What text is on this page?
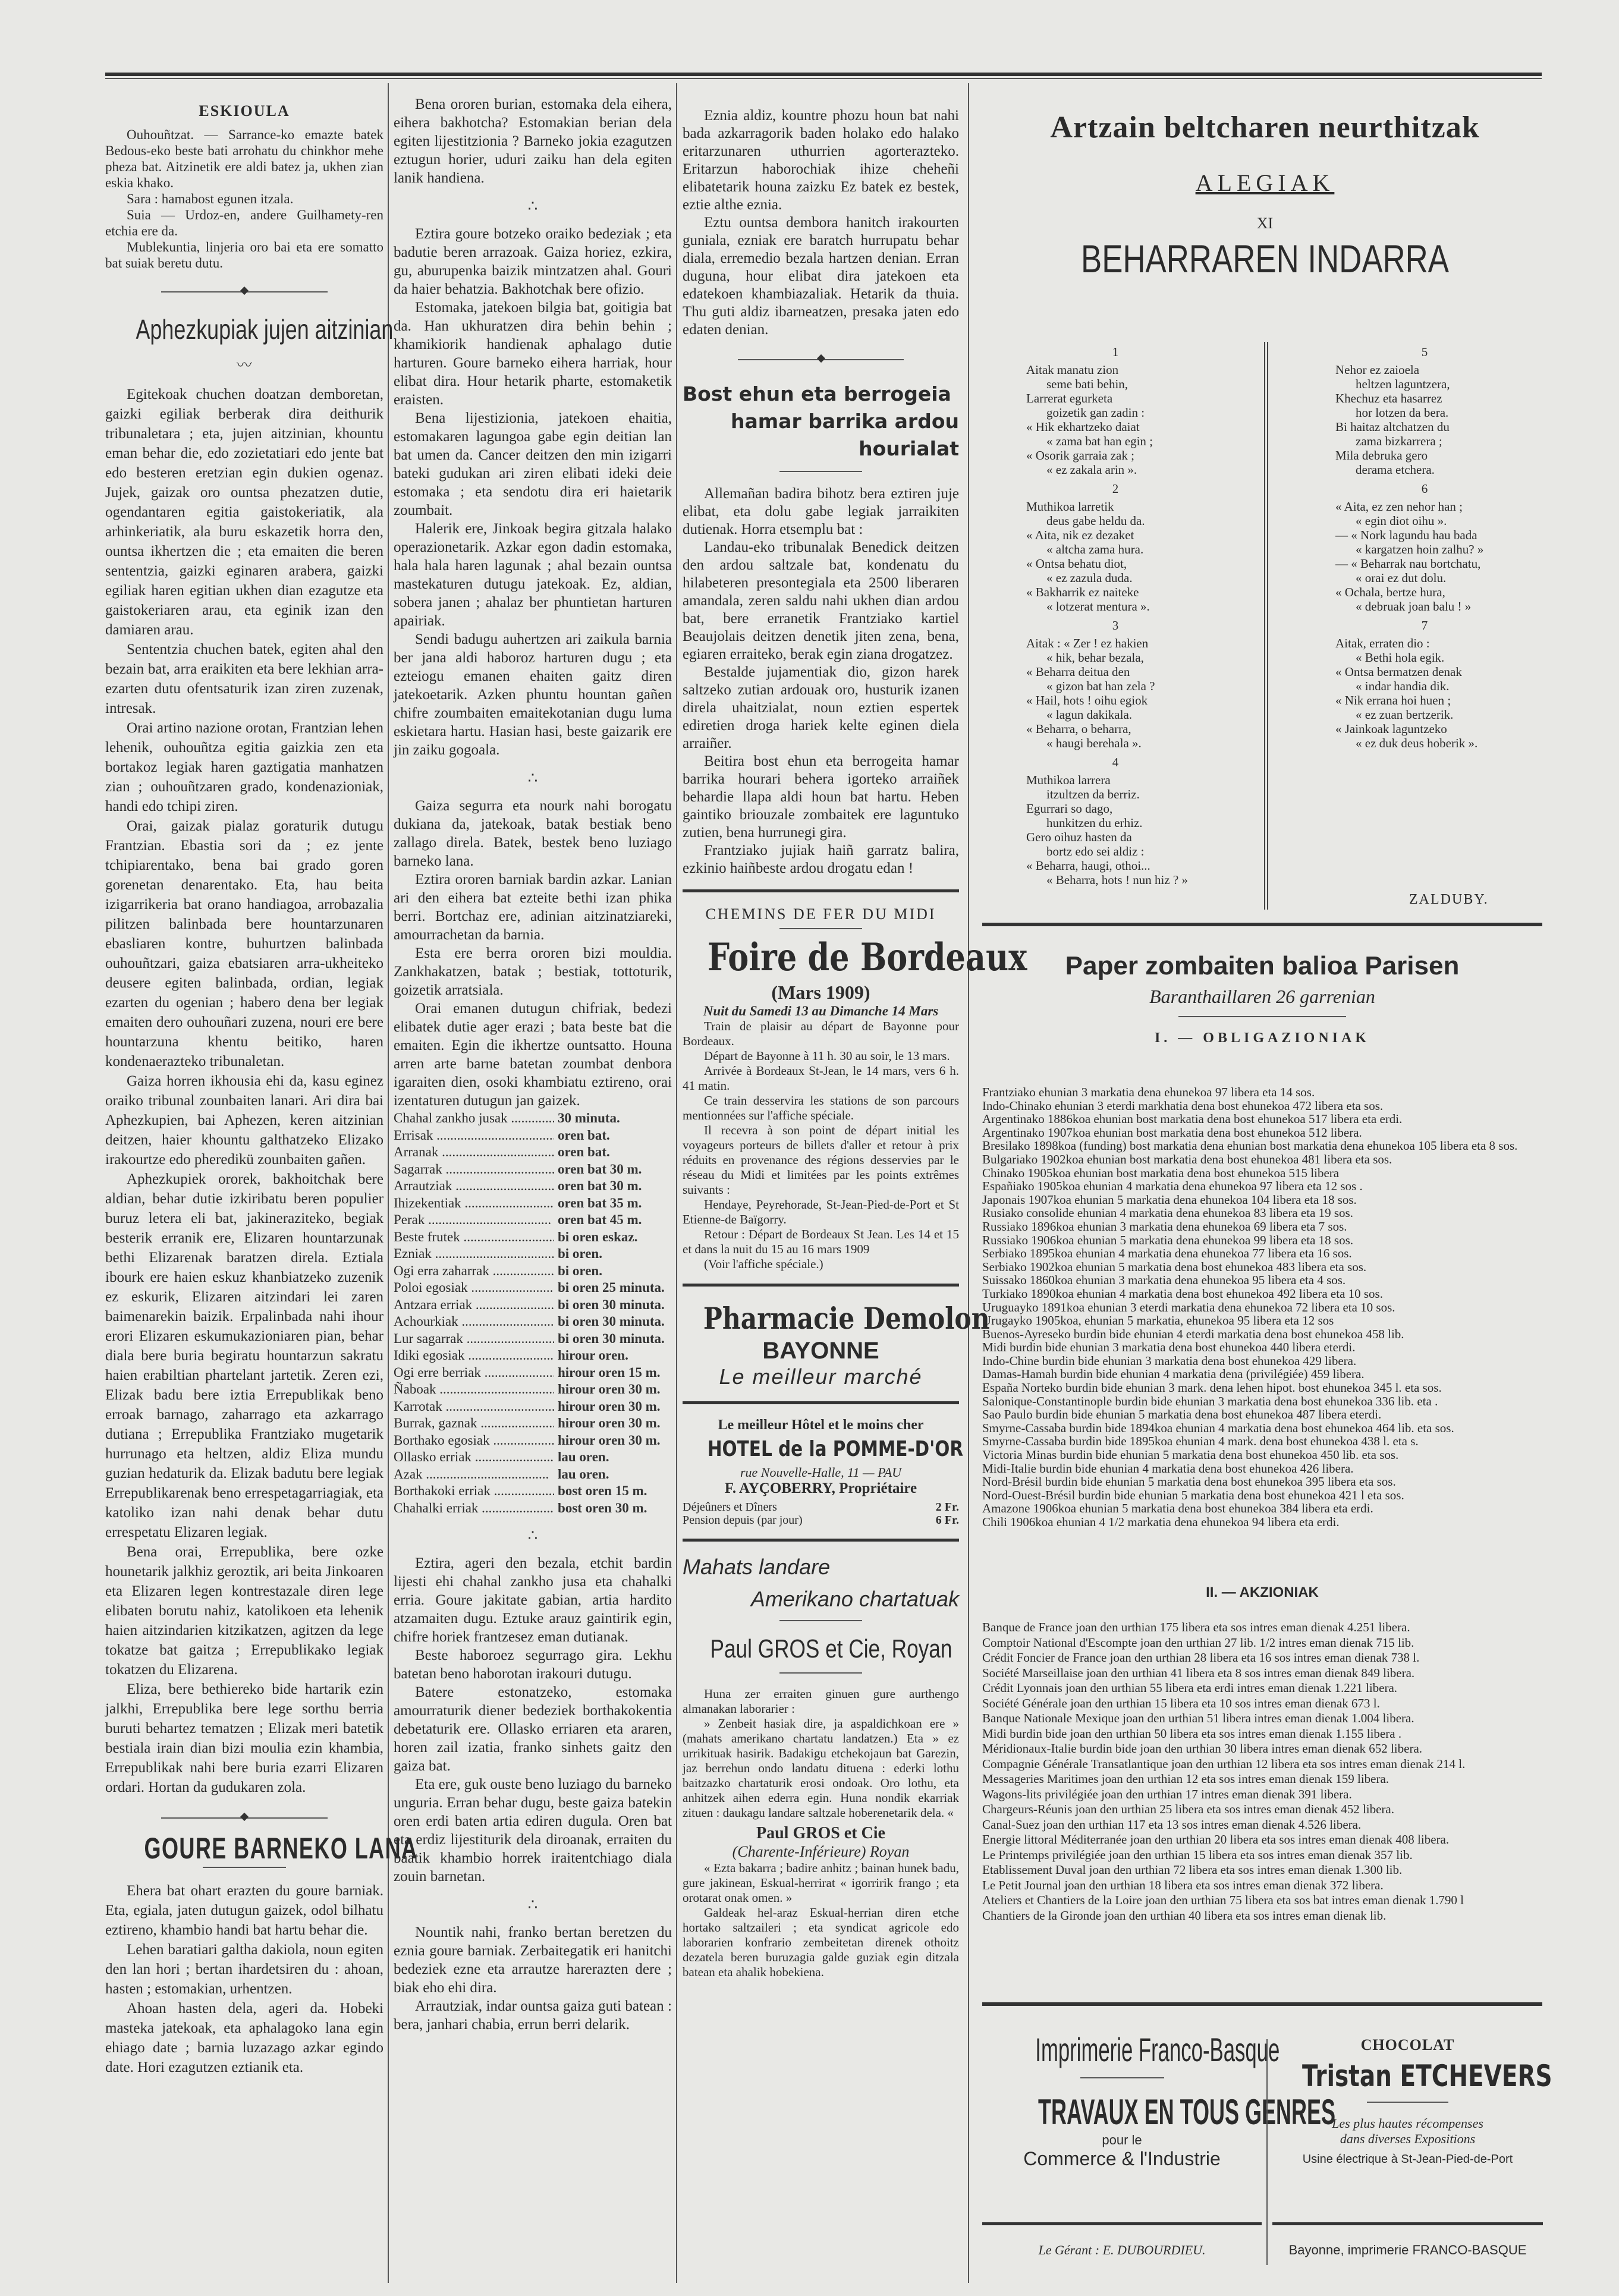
ESKIOULA

Ouhouñtzat. — Sarrance-ko emazte batek Bedous-eko beste bati arrohatu du chinkhor mehe pheza bat. Aitzinetik ere aldi batez ja, ukhen zian eskia khako.

Sara : hamabost egunen itzala.

Suia — Urdoz-en, andere Guilhamety-ren etchia ere da.

Mublekuntia, linjeria oro bai eta ere somatto bat suiak beretu dutu.

Aphezkupiak jujen aitzinian
〰

Egitekoak chuchen doatzan demboretan, gaizki egiliak berberak dira deithurik tribunaletara ; eta, jujen aitzinian, khountu eman behar die, edo zozietatiari edo jente bat edo besteren eretzian egin dukien ogenaz. Jujek, gaizak oro ountsa phezatzen dutie, ogendantaren egitia gaistokeriatik, ala arhinkeriatik, ala buru eskazetik horra den, ountsa ikhertzen die ; eta emaiten die beren sententzia, gaizki eginaren arabera, gaizki egiliak haren egitian ukhen dian ezagutze eta gaistokeriaren arau, eta eginik izan den damiaren arau.

Sententzia chuchen batek, egiten ahal den bezain bat, arra eraikiten eta bere lekhian arra-ezarten dutu ofentsaturik izan ziren zuzenak, intresak.

Orai artino nazione orotan, Frantzian lehen lehenik, ouhouñtza egitia gaizkia zen eta bortakoz legiak haren gaztigatia manhatzen zian ; ouhouñtzaren grado, kondenazioniak, handi edo tchipi ziren.

Orai, gaizak pialaz goraturik dutugu Frantzian. Ebastia sori da ; ez jente tchipiarentako, bena bai grado goren gorenetan denarentako. Eta, hau beita izigarrikeria bat orano handiagoa, arrobazalia pilitzen balinbada bere hountarzunaren ebasliaren kontre, buhurtzen balinbada ouhouñtzari, gaiza ebatsiaren arra-ukheiteko deusere egiten balinbada, ordian, legiak ezarten du ogenian ; habero dena ber legiak emaiten dero ouhouñari zuzena, nouri ere bere hountarzuna khentu beitiko, haren kondenaerazteko tribunaletan.

Gaiza horren ikhousia ehi da, kasu eginez oraiko tribunal zounbaiten lanari. Ari dira bai Aphezkupien, bai Aphezen, keren aitzinian deitzen, haier khountu galthatzeko Elizako irakourtze edo pheredikü zounbaiten gañen.

Aphezkupiek ororek, bakhoitchak bere aldian, behar dutie izkiribatu beren populier buruz letera eli bat, jakineraziteko, begiak besterik erranik ere, Elizaren hountarzunak bethi Elizarenak baratzen direla. Eztiala ibourk ere haien eskuz khanbiatzeko zuzenik ez eskurik, Elizaren aitzindari lei zaren baimenarekin baizik. Erpalinbada nahi ihour erori Elizaren eskumukazioniaren pian, behar diala bere buria begiratu hountarzun sakratu haien erabiltian phartelant jartetik. Zeren ezi, Elizak badu bere iztia Errepublikak beno erroak barnago, zaharrago eta azkarrago dutiana ; Errepublika Frantziako mugetarik hurrunago eta heltzen, aldiz Eliza mundu guzian hedaturik da. Elizak badutu bere legiak Errepublikarenak beno errespetagarriagiak, eta katoliko izan nahi denak behar dutu errespetatu Elizaren legiak.

Bena orai, Errepublika, bere ozke hounetarik jalkhiz geroztik, ari beita Jinkoaren eta Elizaren legen kontrestazale diren lege elibaten borutu nahiz, katolikoen eta lehenik haien aitzindarien kitzikatzen, agitzen da lege tokatze bat gaitza ; Errepublikako legiak tokatzen du Elizarena.

Eliza, bere bethiereko bide hartarik ezin jalkhi, Errepublika bere lege sorthu berria buruti behartez tematzen ; Elizak meri batetik bestiala irain dian bizi moulia ezin khambia, Errepublikak nahi bere buria ezarri Elizaren ordari. Hortan da gudukaren zola.

GOURE BARNEKO LANA

Ehera bat ohart erazten du goure barniak. Eta, egiala, jaten dutugun gaizek, odol bilhatu eztireno, khambio handi bat hartu behar die.

Lehen baratiari galtha dakiola, noun egiten den lan hori ; bertan ihardetsiren du : ahoan, hasten ; estomakian, urhentzen.

Ahoan hasten dela, ageri da. Hobeki masteka jatekoak, eta aphalagoko lana egin ehiago date ; barnia luzazago azkar egindo date. Hori ezagutzen eztianik eta.

Bena ororen burian, estomaka dela eihera, eihera bakhotcha? Estomakian berian dela egiten lijestitzionia ? Barneko jokia ezagutzen eztugun horier, uduri zaiku han dela egiten lanik handiena.

∴

Eztira goure botzeko oraiko bedeziak ; eta badutie beren arrazoak. Gaiza horiez, ezkira, gu, aburupenka baizik mintzatzen ahal. Gouri da haier behatzia. Bakhotchak bere ofizio.

Estomaka, jatekoen bilgia bat, goitigia bat da. Han ukhuratzen dira behin behin ; khamikiorik handienak aphalago dutie harturen. Goure barneko eihera harriak, hour elibat dira. Hour hetarik pharte, estomaketik eraisten.

Bena lijestizionia, jatekoen ehaitia, estomakaren lagungoa gabe egin deitian lan bat umen da. Cancer deitzen den min izigarri bateki gudukan ari ziren elibati ideki deie estomaka ; eta sendotu dira eri haietarik zoumbait.

Halerik ere, Jinkoak begira gitzala halako operazionetarik. Azkar egon dadin estomaka, hala hala haren lagunak ; ahal bezain ountsa mastekaturen dutugu jatekoak. Ez, aldian, sobera janen ; ahalaz ber phuntietan harturen apairiak.

Sendi badugu auhertzen ari zaikula barnia ber jana aldi haboroz harturen dugu ; eta ezteiogu emanen ehaiten gaitz diren jatekoetarik. Azken phuntu hountan gañen chifre zoumbaiten emaitekotanian dugu luma eskietara hartu. Hasian hasi, beste gaizarik ere jin zaiku gogoala.

∴

Gaiza segurra eta nourk nahi borogatu dukiana da, jatekoak, batak bestiak beno zallago direla. Batek, bestek beno luziago barneko lana.

Eztira ororen barniak bardin azkar. Lanian ari den eihera bat ezteite bethi izan phika berri. Bortchaz ere, adinian aitzinatziareki, amourrachetan da barnia.

Esta ere berra ororen bizi mouldia. Zankhakatzen, batak ; bestiak, tottoturik, goizetik arratsiala.

Orai emanen dutugun chifriak, bedezi elibatek dutie ager erazi ; bata beste bat die emaiten. Egin die ikhertze ountsatto. Houna arren arte barne batetan zoumbat denbora igaraiten dien, osoki khambiatu eztireno, orai izentaturen dutugun jan gaizek.

Chahal zankho jusak .....	30 minuta.
Errisak .....	oren bat.
Arranak .....	oren bat.
Sagarrak .....	oren bat 30 m.
Arrautziak .....	oren bat 30 m.
Ihizekentiak .....	oren bat 35 m.
Perak .....	oren bat 45 m.
Beste frutek .....	bi oren eskaz.
Ezniak .....	bi oren.
Ogi erra zaharrak .....	bi oren.
Poloi egosiak .....	bi oren 25 minuta.
Antzara erriak .....	bi oren 30 minuta.
Achourkiak .....	bi oren 30 minuta.
Lur sagarrak .....	bi oren 30 minuta.
Idiki egosiak .....	hirour oren.
Ogi erre berriak .....	hirour oren 15 m.
Ñaboak .....	hirour oren 30 m.
Karrotak .....	hirour oren 30 m.
Burrak, gaznak .....	hirour oren 30 m.
Borthako egosiak .....	hirour oren 30 m.
Ollasko erriak .....	lau oren.
Azak .....	lau oren.
Borthakoki erriak .....	bost oren 15 m.
Chahalki erriak .....	bost oren 30 m.
∴

Eztira, ageri den bezala, etchit bardin lijesti ehi chahal zankho jusa eta chahalki erria. Goure jakitate gabian, artia hardito atzamaiten dugu. Eztuke arauz gaintirik egin, chifre horiek frantzesez eman dutianak.

Beste haboroez segurrago gira. Lekhu batetan beno haborotan irakouri dutugu.

Batere estonatzeko, estomaka amourraturik diener bedeziek borthakokentia debetaturik ere. Ollasko erriaren eta araren, horen zail izatia, franko sinhets gaitz den gaiza bat.

Eta ere, guk ouste beno luziago du barneko unguria. Erran behar dugu, beste gaiza batekin oren erdi baten artia ediren dugula. Oren bat eta erdiz lijestiturik dela diroanak, erraiten du baatik khambio horrek iraitentchiago diala zouin barnetan.

∴

Nountik nahi, franko bertan beretzen du eznia goure barniak. Zerbaitegatik eri hanitchi bedeziek ezne eta arrautze harerazten dere ; biak eho ehi dira.

Arrautziak, indar ountsa gaiza guti batean : bera, janhari chabia, errun berri delarik.

Eznia aldiz, kountre phozu houn bat nahi bada azkarragorik baden holako edo halako eritarzunaren uthurrien agorterazteko. Eritarzun haborochiak ihize cheheñi elibatetarik houna zaizku Ez batek ez bestek, eztie althe eznia.

Eztu ountsa dembora hanitch irakourten guniala, ezniak ere baratch hurrupatu behar diala, erremedio bezala hartzen denian. Erran duguna, hour elibat dira jatekoen eta edatekoen khambiazaliak. Hetarik da thuia. Thu guti aldiz ibarneatzen, presaka jaten edo edaten denian.

Bost ehun eta berrogeia
hamar barrika ardou hourialat

Allemañan badira bihotz bera eztiren juje elibat, eta dolu gabe legiak jarraikiten dutienak. Horra etsemplu bat :

Landau-eko tribunalak Benedick deitzen den ardou saltzale bat, kondenatu du hilabeteren presontegiala eta 2500 liberaren amandala, zeren saldu nahi ukhen dian ardou bat, bere erranetik Frantziako kartiel Beaujolais deitzen denetik jiten zena, bena, egiaren erraiteko, berak egin ziana drogatzez.

Bestalde jujamentiak dio, gizon harek saltzeko zutian ardouak oro, husturik izanen direla uhaitzialat, noun eztien espertek ediretien droga hariek kelte eginen diela arraiñer.

Beitira bost ehun eta berrogeita hamar barrika hourari behera igorteko arraiñek behardie llapa aldi houn bat hartu. Heben gaintiko briouzale zombaitek ere laguntuko zutien, bena hurrunegi gira.

Frantziako jujiak haiñ garratz balira, ezkinio haiñbeste ardou drogatu edan !

CHEMINS DE FER DU MIDI
Foire de Bordeaux
(Mars 1909)
Nuit du Samedi 13 au Dimanche 14 Mars

Train de plaisir au départ de Bayonne pour Bordeaux.

Départ de Bayonne à 11 h. 30 au soir, le 13 mars.

Arrivée à Bordeaux St-Jean, le 14 mars, vers 6 h. 41 matin.

Ce train desservira les stations de son parcours mentionnées sur l'affiche spéciale.

Il recevra à son point de départ initial les voyageurs porteurs de billets d'aller et retour à prix réduits en provenance des régions desservies par le réseau du Midi et limitées par les points extrêmes suivants :

Hendaye, Peyrehorade, St-Jean-Pied-de-Port et St Etienne-de Baïgorry.

Retour : Départ de Bordeaux St Jean. Les 14 et 15 et dans la nuit du 15 au 16 mars 1909

(Voir l'affiche spéciale.)

Pharmacie Demolon
BAYONNE
Le meilleur marché
Le meilleur Hôtel et le moins cher
HOTEL de la POMME-D'OR
rue Nouvelle-Halle, 11 — PAU
F. AYÇOBERRY, Propriétaire
Déjeûners et Dîners	2 Fr.
Pension depuis (par jour)	6 Fr.
Mahats landare
Amerikano chartatuak
Paul GROS et Cie, Royan

Huna zer erraiten ginuen gure aurthengo almanakan laborarier :

» Zenbeit hasiak dire, ja aspaldichkoan ere » (mahats amerikano chartatu landatzen.) Eta » ez urrikituak hasirik. Badakigu etchekojaun bat Garezin, jaz berrehun ondo landatu dituena : ederki lothu baitzazko chartaturik erosi ondoak. Oro lothu, eta anhitzek aihen ederra egin. Huna nondik ekarriak zituen : daukagu landare saltzale hoberenetarik dela. «

Paul GROS et Cie
(Charente-Inférieure) Royan

« Ezta bakarra ; badire anhitz ; bainan hunek badu, gure jakinean, Eskual-herrirat « igorririk frango ; eta orotarat onak omen. »

Galdeak hel-araz Eskual-herrian diren etche hortako saltzaileri ; eta syndicat agricole edo laborarien konfrario zembeitetan direnek othoitz dezatela beren buruzagia galde guziak egin ditzala batean eta ahalik hobekiena.

Artzain beltcharen neurthitzak
ALEGIAK
XI
BEHARRAREN INDARRA
1
Aitak manatu zion
seme bati behin,
Larrerat egurketa
goizetik gan zadin :
« Hik ekhartzeko daiat
« zama bat han egin ;
« Osorik garraia zak ;
« ez zakala arin ».
2
Muthikoa larretik
deus gabe heldu da.
« Aita, nik ez dezaket
« altcha zama hura.
« Ontsa behatu diot,
« ez zazula duda.
« Bakharrik ez naiteke
« lotzerat mentura ».
3
Aitak : « Zer ! ez hakien
« hik, behar bezala,
« Beharra deitua den
« gizon bat han zela ?
« Hail, hots ! oihu egiok
« lagun dakikala.
« Beharra, o beharra,
« haugi berehala ».
4
Muthikoa larrera
itzultzen da berriz.
Egurrari so dago,
hunkitzen du erhiz.
Gero oihuz hasten da
bortz edo sei aldiz :
« Beharra, haugi, othoi...
« Beharra, hots ! nun hiz ? »
5
Nehor ez zaioela
heltzen laguntzera,
Khechuz eta hasarrez
hor lotzen da bera.
Bi haitaz altchatzen du
zama bizkarrera ;
Mila debruka gero
derama etchera.
6
« Aita, ez zen nehor han ;
« egin diot oihu ».
— « Nork lagundu hau bada
« kargatzen hoin zalhu? »
— « Beharrak nau bortchatu,
« orai ez dut dolu.
« Ochala, bertze hura,
« debruak joan balu ! »
7
Aitak, erraten dio :
« Bethi hola egik.
« Ontsa bermatzen denak
« indar handia dik.
« Nik errana hoi huen ;
« ez zuan bertzerik.
« Jainkoak laguntzeko
« ez duk deus hoberik ».
ZALDUBY.
Paper zombaiten balioa Parisen
Baranthaillaren 26 garrenian
I. — OBLIGAZIONIAK
Frantziako ehunian 3 markatia dena ehunekoa 97 libera eta 14 sos.
Indo-Chinako ehunian 3 eterdi markhatia dena bost ehunekoa 472 libera eta sos.
Argentinako 1886koa ehunian bost markatia dena bost ehunekoa 517 libera eta erdi.
Argentinako 1907koa ehunian bost markatia dena bost ehunekoa 512 libera.
Bresilako 1898koa (funding) bost markatia dena ehunian bost markatia dena ehunekoa 105 libera eta 8 sos.
Bulgariako 1902koa ehunian bost markatia dena bost ehunekoa 481 libera eta sos.
Chinako 1905koa ehunian bost markatia dena bost ehunekoa 515 libera
Españiako 1905koa ehunian 4 markatia dena ehunekoa 97 libera eta 12 sos .
Japonais 1907koa ehunian 5 markatia dena ehunekoa 104 libera eta 18 sos.
Rusiako consolide ehunian 4 markatia dena ehunekoa 83 libera eta 19 sos.
Russiako 1896koa ehunian 3 markatia dena ehunekoa 69 libera eta 7 sos.
Russiako 1906koa ehunian 5 markatia dena ehunekoa 99 libera eta 18 sos.
Serbiako 1895koa ehunian 4 markatia dena ehunekoa 77 libera eta 16 sos.
Serbiako 1902koa ehunian 5 markatia dena bost ehunekoa 483 libera eta sos.
Suissako 1860koa ehunian 3 markatia dena ehunekoa 95 libera eta 4 sos.
Turkiako 1890koa ehunian 4 markatia dena bost ehunekoa 492 libera eta 10 sos.
Uruguayko 1891koa ehunian 3 eterdi markatia dena ehunekoa 72 libera eta 10 sos.
Urugayko 1905koa, ehunian 5 markatia, ehunekoa 95 libera eta 12 sos
Buenos-Ayreseko burdin bide ehunian 4 eterdi markatia dena bost ehunekoa 458 lib.
Midi burdin bide ehunian 3 markatia dena bost ehunekoa 440 libera eterdi.
Indo-Chine burdin bide ehunian 3 markatia dena bost ehunekoa 429 libera.
Damas-Hamah burdin bide ehunian 4 markatia dena (privilégiée) 459 libera.
España Norteko burdin bide ehunian 3 mark. dena lehen hipot. bost ehunekoa 345 l. eta sos.
Salonique-Constantinople burdin bide ehunian 3 markatia dena bost ehunekoa 336 lib. eta .
Sao Paulo burdin bide ehunian 5 markatia dena bost ehunekoa 487 libera eterdi.
Smyrne-Cassaba burdin bide 1894koa ehunian 4 markatia dena bost ehunekoa 464 lib. eta sos.
Smyrne-Cassaba burdin bide 1895koa ehunian 4 mark. dena bost ehunekoa 438 l. eta s.
Victoria Minas burdin bide ehunian 5 markatia dena bost ehunekoa 450 lib. eta sos.
Midi-Italie burdin bide ehunian 4 markatia dena bost ehunekoa 426 libera.
Nord-Brésil burdin bide ehunian 5 markatia dena bost ehunekoa 395 libera eta sos.
Nord-Ouest-Brésil burdin bide ehunian 5 markatia dena bost ehunekoa 421 l eta sos.
Amazone 1906koa ehunian 5 markatia dena bost ehunekoa 384 libera eta erdi.
Chili 1906koa ehunian 4 1/2 markatia dena ehunekoa 94 libera eta erdi.
II. — AKZIONIAK
Banque de France joan den urthian 175 libera eta sos intres eman dienak 4.251 libera.
Comptoir National d'Escompte joan den urthian 27 lib. 1/2 intres eman dienak 715 lib.
Crédit Foncier de France joan den urthian 28 libera eta 16 sos intres eman dienak 738 l.
Société Marseillaise joan den urthian 41 libera eta 8 sos intres eman dienak 849 libera.
Crédit Lyonnais joan den urthian 55 libera eta erdi intres eman dienak 1.221 libera.
Société Générale joan den urthian 15 libera eta 10 sos intres eman dienak 673 l.
Banque Nationale Mexique joan den urthian 51 libera intres eman dienak 1.004 libera.
Midi burdin bide joan den urthian 50 libera eta sos intres eman dienak 1.155 libera .
Méridionaux-Italie burdin bide joan den urthian 30 libera intres eman dienak 652 libera.
Compagnie Générale Transatlantique joan den urthian 12 libera eta sos intres eman dienak 214 l.
Messageries Maritimes joan den urthian 12 eta sos intres eman dienak 159 libera.
Wagons-lits privilégiée joan den urthian 17 intres eman dienak 391 libera.
Chargeurs-Réunis joan den urthian 25 libera eta sos intres eman dienak 452 libera.
Canal-Suez joan den urthian 117 eta 13 sos intres eman dienak 4.526 libera.
Energie littoral Méditerranée joan den urthian 20 libera eta sos intres eman dienak 408 libera.
Le Printemps privilégiée joan den urthian 15 libera eta sos intres eman dienak 357 lib.
Etablissement Duval joan den urthian 72 libera eta sos intres eman dienak 1.300 lib.
Le Petit Journal joan den urthian 18 libera eta sos intres eman dienak 372 libera.
Ateliers et Chantiers de la Loire joan den urthian 75 libera eta sos bat intres eman dienak 1.790 l
Chantiers de la Gironde joan den urthian 40 libera eta sos intres eman dienak lib.
Imprimerie Franco-Basque
TRAVAUX EN TOUS GENRES
pour le
Commerce & l'Industrie
CHOCOLAT
Tristan ETCHEVERS
Les plus hautes récompenses
dans diverses Expositions
Usine électrique à St-Jean-Pied-de-Port
Le Gérant : E. DUBOURDIEU.	Bayonne, imprimerie FRANCO-BASQUE
